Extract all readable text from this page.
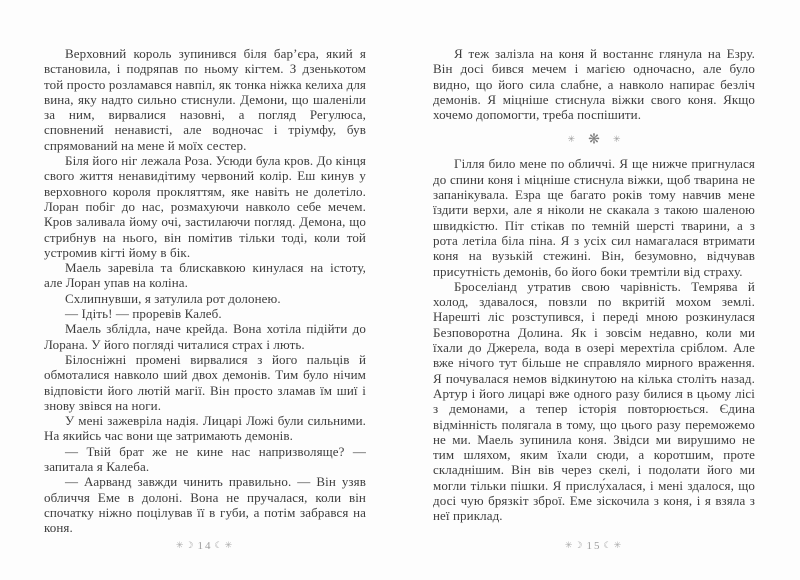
Верховний король зупинився біля бар’єра, який я встановила, і подряпав по ньому кігтем. З дзенькотом той просто розламався навпіл, як тонка ніжка келиха для вина, яку надто сильно стиснули. Демони, що шаленіли за ним, вирвалися назовні, а погляд Регулюса, сповнений ненависті, але водночас і тріумфу, був спрямований на мене й моїх сестер.

Біля його ніг лежала Роза. Усюди була кров. До кінця свого життя ненавидітиму червоний колір. Еш кинув у верховного короля прокляттям, яке навіть не долетіло. Лоран побіг до нас, розмахуючи навколо себе мечем. Кров заливала йому очі, застилаючи погляд. Демона, що стрибнув на нього, він помітив тільки тоді, коли той устромив кігті йому в бік.

Маель заревіла та блискавкою кинулася на істоту, але Лоран упав на коліна.

Схлипнувши, я затулила рот долонею.

— Ідіть! — проревів Калеб.

Маель зблідла, наче крейда. Вона хотіла підійти до Лорана. У його погляді читалися страх і лють.

Білосніжні промені вирвалися з його пальців й обмоталися навколо ший двох демонів. Тим було нічим відповісти його лютій магії. Він просто зламав їм шиї і знову звівся на ноги.

У мені зажевріла надія. Лицарі Ложі були сильними. На якийсь час вони ще затримають демонів.

— Твій брат же не кине нас напризволяще? — запитала я Калеба.

— Аарванд завжди чинить правильно. — Він узяв обличчя Еме в долоні. Вона не пручалася, коли він спочатку ніжно поцілував її в губи, а потім забрався на коня.

Я теж залізла на коня й востаннє глянула на Езру. Він досі бився мечем і магією одночасно, але було видно, що його сила слабне, а навколо напирає безліч демонів. Я міцніше стиснула віжки свого коня. Якщо хочемо допомогти, треба поспішити.

✳ ❋ ✳

Гілля било мене по обличчі. Я ще нижче пригнулася до спини коня і міцніше стиснула віжки, щоб тварина не запанікувала. Езра ще багато років тому навчив мене їздити верхи, але я ніколи не скакала з такою шаленою швидкістю. Піт стікав по темній шерсті тварини, а з рота летіла біла піна. Я з усіх сил намагалася втримати коня на вузькій стежині. Він, безумовно, відчував присутність демонів, бо його боки тремтіли від страху.

Броселіанд утратив свою чарівність. Темрява й холод, здавалося, повзли по вкритій мохом землі. Нарешті ліс розступився, і переді мною розкинулася Безповоротна Долина. Як і зовсім недавно, коли ми їхали до Джерела, вода в озері мерехтіла сріблом. Але вже нічого тут більше не справляло мирного враження. Я почувалася немов відкинутою на кілька століть назад. Артур і його лицарі вже одного разу билися в цьому лісі з демонами, а тепер історія повторюється. Єдина відмінність полягала в тому, що цього разу переможемо не ми. Маель зупинила коня. Звідси ми вирушимо не тим шляхом, яким їхали сюди, а коротшим, проте складнішим. Він вів через скелі, і подолати його ми могли тільки пішки. Я прислу́халася, і мені здалося, що досі чую брязкіт зброї. Еме зіскочила з коня, і я взяла з неї приклад.

✳☽ 14 ☾✳	✳☽ 15 ☾✳
